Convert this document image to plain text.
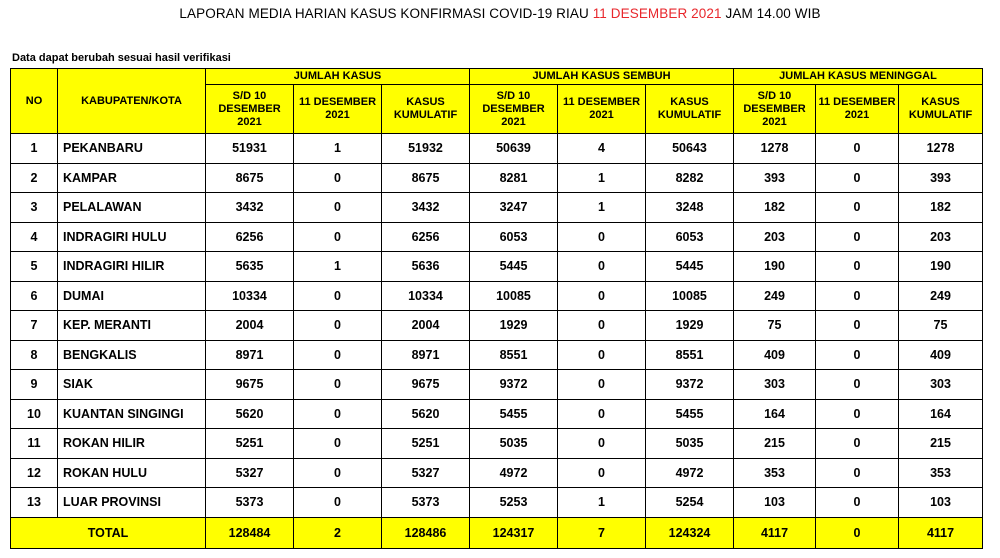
LAPORAN MEDIA HARIAN KASUS KONFIRMASI COVID-19 RIAU 11 DESEMBER 2021 JAM 14.00 WIB
Data dapat berubah sesuai hasil verifikasi
NO	KABUPATEN/KOTA	JUMLAH KASUS			JUMLAH KASUS SEMBUH			JUMLAH KASUS MENINGGAL		
		S/D 10 DESEMBER 2021	11 DESEMBER 2021	KASUS KUMULATIF	S/D 10 DESEMBER 2021	11 DESEMBER 2021	KASUS KUMULATIF	S/D 10 DESEMBER 2021	11 DESEMBER 2021	KASUS KUMULATIF
1	PEKANBARU	51931	1	51932	50639	4	50643	1278	0	1278
2	KAMPAR	8675	0	8675	8281	1	8282	393	0	393
3	PELALAWAN	3432	0	3432	3247	1	3248	182	0	182
4	INDRAGIRI HULU	6256	0	6256	6053	0	6053	203	0	203
5	INDRAGIRI HILIR	5635	1	5636	5445	0	5445	190	0	190
6	DUMAI	10334	0	10334	10085	0	10085	249	0	249
7	KEP. MERANTI	2004	0	2004	1929	0	1929	75	0	75
8	BENGKALIS	8971	0	8971	8551	0	8551	409	0	409
9	SIAK	9675	0	9675	9372	0	9372	303	0	303
10	KUANTAN SINGINGI	5620	0	5620	5455	0	5455	164	0	164
11	ROKAN HILIR	5251	0	5251	5035	0	5035	215	0	215
12	ROKAN HULU	5327	0	5327	4972	0	4972	353	0	353
13	LUAR PROVINSI	5373	0	5373	5253	1	5254	103	0	103
TOTAL		128484	2	128486	124317	7	124324	4117	0	4117
